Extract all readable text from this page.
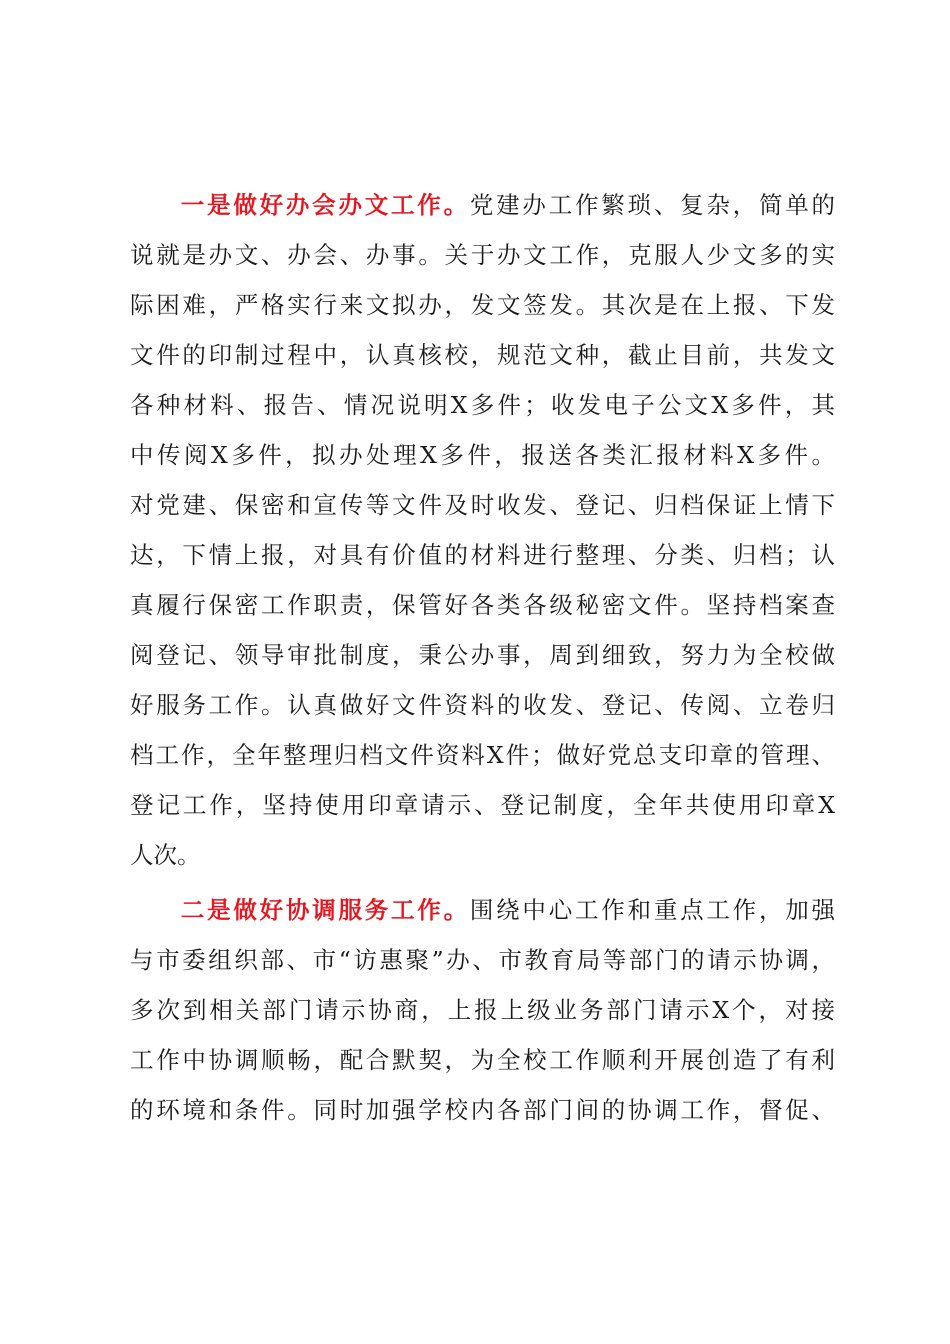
一是做好办会办文工作。党建办工作繁琐、复杂，简单的
说就是办文、办会、办事。关于办文工作，克服人少文多的实
际困难，严格实行来文拟办，发文签发。其次是在上报、下发
文件的印制过程中，认真核校，规范文种，截止目前，共发文
各种材料、报告、情况说明X多件；收发电子公文X多件，其
中传阅X多件，拟办处理X多件，报送各类汇报材料X多件。
对党建、保密和宣传等文件及时收发、登记、归档保证上情下
达，下情上报，对具有价值的材料进行整理、分类、归档；认
真履行保密工作职责，保管好各类各级秘密文件。坚持档案查
阅登记、领导审批制度，秉公办事，周到细致，努力为全校做
好服务工作。认真做好文件资料的收发、登记、传阅、立卷归
档工作，全年整理归档文件资料X件；做好党总支印章的管理、
登记工作，坚持使用印章请示、登记制度，全年共使用印章X
人次。
二是做好协调服务工作。围绕中心工作和重点工作，加强
与市委组织部、市“访惠聚”办、市教育局等部门的请示协调，
多次到相关部门请示协商，上报上级业务部门请示X个，对接
工作中协调顺畅，配合默契，为全校工作顺利开展创造了有利
的环境和条件。同时加强学校内各部门间的协调工作，督促、
